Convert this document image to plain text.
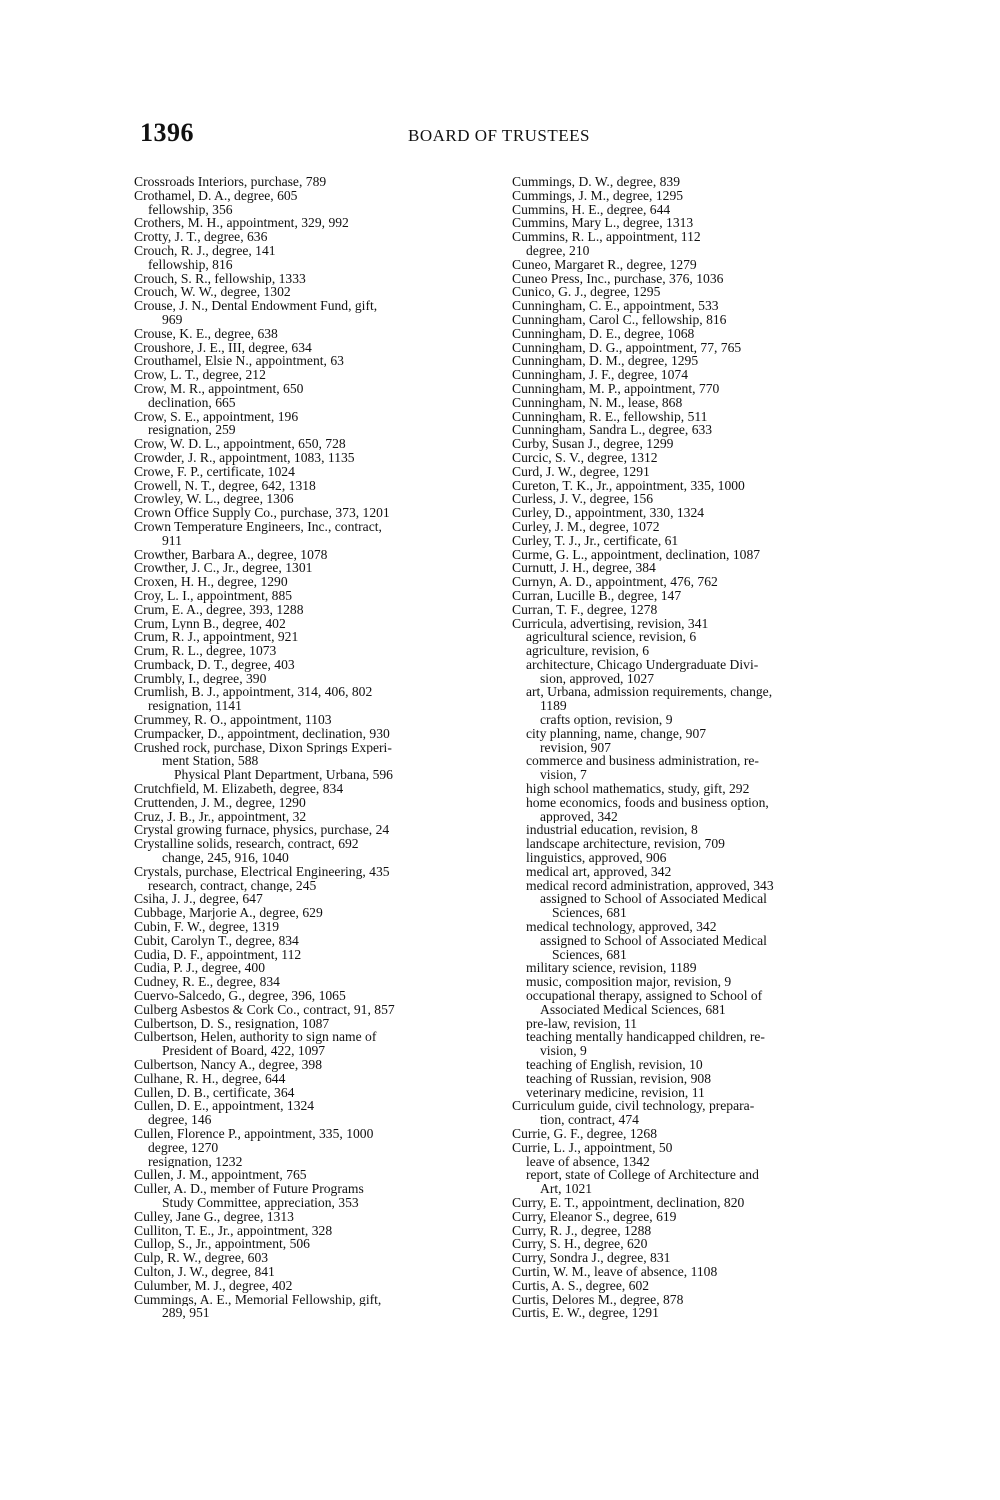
1396	BOARD OF TRUSTEES
Crossroads Interiors, purchase, 789
Crothamel, D. A., degree, 605
fellowship, 356
Crothers, M. H., appointment, 329, 992
Crotty, J. T., degree, 636
Crouch, R. J., degree, 141
fellowship, 816
Crouch, S. R., fellowship, 1333
Crouch, W. W., degree, 1302
Crouse, J. N., Dental Endowment Fund, gift,
969
Crouse, K. E., degree, 638
Croushore, J. E., III, degree, 634
Crouthamel, Elsie N., appointment, 63
Crow, L. T., degree, 212
Crow, M. R., appointment, 650
declination, 665
Crow, S. E., appointment, 196
resignation, 259
Crow, W. D. L., appointment, 650, 728
Crowder, J. R., appointment, 1083, 1135
Crowe, F. P., certificate, 1024
Crowell, N. T., degree, 642, 1318
Crowley, W. L., degree, 1306
Crown Office Supply Co., purchase, 373, 1201
Crown Temperature Engineers, Inc., contract,
911
Crowther, Barbara A., degree, 1078
Crowther, J. C., Jr., degree, 1301
Croxen, H. H., degree, 1290
Croy, L. I., appointment, 885
Crum, E. A., degree, 393, 1288
Crum, Lynn B., degree, 402
Crum, R. J., appointment, 921
Crum, R. L., degree, 1073
Crumback, D. T., degree, 403
Crumbly, I., degree, 390
Crumlish, B. J., appointment, 314, 406, 802
resignation, 1141
Crummey, R. O., appointment, 1103
Crumpacker, D., appointment, declination, 930
Crushed rock, purchase, Dixon Springs Experi-
ment Station, 588
Physical Plant Department, Urbana, 596
Crutchfield, M. Elizabeth, degree, 834
Cruttenden, J. M., degree, 1290
Cruz, J. B., Jr., appointment, 32
Crystal growing furnace, physics, purchase, 24
Crystalline solids, research, contract, 692
change, 245, 916, 1040
Crystals, purchase, Electrical Engineering, 435
research, contract, change, 245
Csiha, J. J., degree, 647
Cubbage, Marjorie A., degree, 629
Cubin, F. W., degree, 1319
Cubit, Carolyn T., degree, 834
Cudia, D. F., appointment, 112
Cudia, P. J., degree, 400
Cudney, R. E., degree, 834
Cuervo-Salcedo, G., degree, 396, 1065
Culberg Asbestos & Cork Co., contract, 91, 857
Culbertson, D. S., resignation, 1087
Culbertson, Helen, authority to sign name of
President of Board, 422, 1097
Culbertson, Nancy A., degree, 398
Culhane, R. H., degree, 644
Cullen, D. B., certificate, 364
Cullen, D. E., appointment, 1324
degree, 146
Cullen, Florence P., appointment, 335, 1000
degree, 1270
resignation, 1232
Cullen, J. M., appointment, 765
Culler, A. D., member of Future Programs
Study Committee, appreciation, 353
Culley, Jane G., degree, 1313
Culliton, T. E., Jr., appointment, 328
Cullop, S., Jr., appointment, 506
Culp, R. W., degree, 603
Culton, J. W., degree, 841
Culumber, M. J., degree, 402
Cummings, A. E., Memorial Fellowship, gift,
289, 951
Cummings, D. W., degree, 839
Cummings, J. M., degree, 1295
Cummins, H. E., degree, 644
Cummins, Mary L., degree, 1313
Cummins, R. L., appointment, 112
degree, 210
Cuneo, Margaret R., degree, 1279
Cuneo Press, Inc., purchase, 376, 1036
Cunico, G. J., degree, 1295
Cunningham, C. E., appointment, 533
Cunningham, Carol C., fellowship, 816
Cunningham, D. E., degree, 1068
Cunningham, D. G., appointment, 77, 765
Cunningham, D. M., degree, 1295
Cunningham, J. F., degree, 1074
Cunningham, M. P., appointment, 770
Cunningham, N. M., lease, 868
Cunningham, R. E., fellowship, 511
Cunningham, Sandra L., degree, 633
Curby, Susan J., degree, 1299
Curcic, S. V., degree, 1312
Curd, J. W., degree, 1291
Cureton, T. K., Jr., appointment, 335, 1000
Curless, J. V., degree, 156
Curley, D., appointment, 330, 1324
Curley, J. M., degree, 1072
Curley, T. J., Jr., certificate, 61
Curme, G. L., appointment, declination, 1087
Curnutt, J. H., degree, 384
Curnyn, A. D., appointment, 476, 762
Curran, Lucille B., degree, 147
Curran, T. F., degree, 1278
Curricula, advertising, revision, 341
agricultural science, revision, 6
agriculture, revision, 6
architecture, Chicago Undergraduate Divi-
sion, approved, 1027
art, Urbana, admission requirements, change,
1189
crafts option, revision, 9
city planning, name, change, 907
revision, 907
commerce and business administration, re-
vision, 7
high school mathematics, study, gift, 292
home economics, foods and business option,
approved, 342
industrial education, revision, 8
landscape architecture, revision, 709
linguistics, approved, 906
medical art, approved, 342
medical record administration, approved, 343
assigned to School of Associated Medical
Sciences, 681
medical technology, approved, 342
assigned to School of Associated Medical
Sciences, 681
military science, revision, 1189
music, composition major, revision, 9
occupational therapy, assigned to School of
Associated Medical Sciences, 681
pre-law, revision, 11
teaching mentally handicapped children, re-
vision, 9
teaching of English, revision, 10
teaching of Russian, revision, 908
veterinary medicine, revision, 11
Curriculum guide, civil technology, prepara-
tion, contract, 474
Currie, G. F., degree, 1268
Currie, L. J., appointment, 50
leave of absence, 1342
report, state of College of Architecture and
Art, 1021
Curry, E. T., appointment, declination, 820
Curry, Eleanor S., degree, 619
Curry, R. J., degree, 1288
Curry, S. H., degree, 620
Curry, Sondra J., degree, 831
Curtin, W. M., leave of absence, 1108
Curtis, A. S., degree, 602
Curtis, Delores M., degree, 878
Curtis, E. W., degree, 1291
